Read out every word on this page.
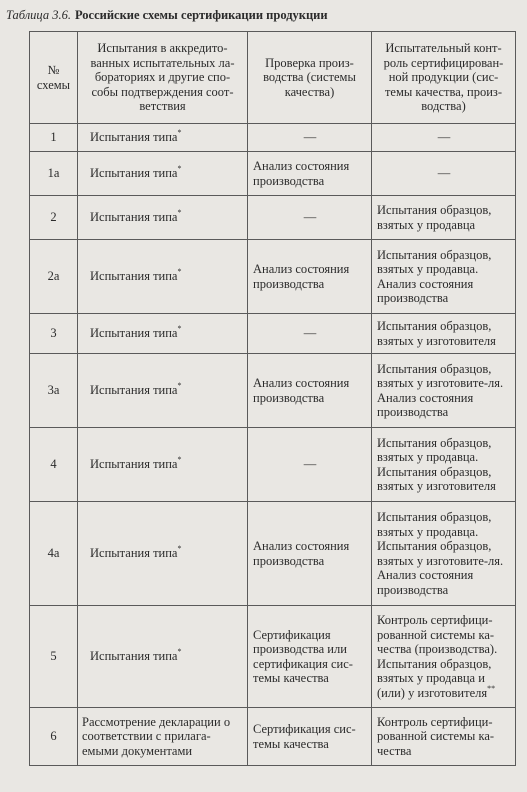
Таблица 3.6. Российские схемы сертификации продукции
№ схемы	Испытания в аккредито-ванных испытательных ла-бораториях и другие спо-собы подтверждения соот-ветствия	Проверка произ-водства (системы качества)	Испытательный конт-роль сертифицирован-ной продукции (сис-темы качества, произ-водства)
1	Испытания типа*	—	—
1а	Испытания типа*	Анализ состояния производства	—
2	Испытания типа*	—	Испытания образцов, взятых у продавца
2а	Испытания типа*	Анализ состояния производства	Испытания образцов, взятых у продавца. Анализ состояния производства
3	Испытания типа*	—	Испытания образцов, взятых у изготовителя
3а	Испытания типа*	Анализ состояния производства	Испытания образцов, взятых у изготовите-ля. Анализ состояния производства
4	Испытания типа*	—	Испытания образцов, взятых у продавца. Испытания образцов, взятых у изготовителя
4а	Испытания типа*	Анализ состояния производства	Испытания образцов, взятых у продавца. Испытания образцов, взятых у изготовите-ля. Анализ состояния производства
5	Испытания типа*	Сертификация производства или сертификация сис-темы качества	Контроль сертифици-рованной системы ка-чества (производства). Испытания образцов, взятых у продавца и (или) у изготовителя**
6	Рассмотрение декларации о соответствии с прилага-емыми документами	Сертификация сис-темы качества	Контроль сертифици-рованной системы ка-чества
